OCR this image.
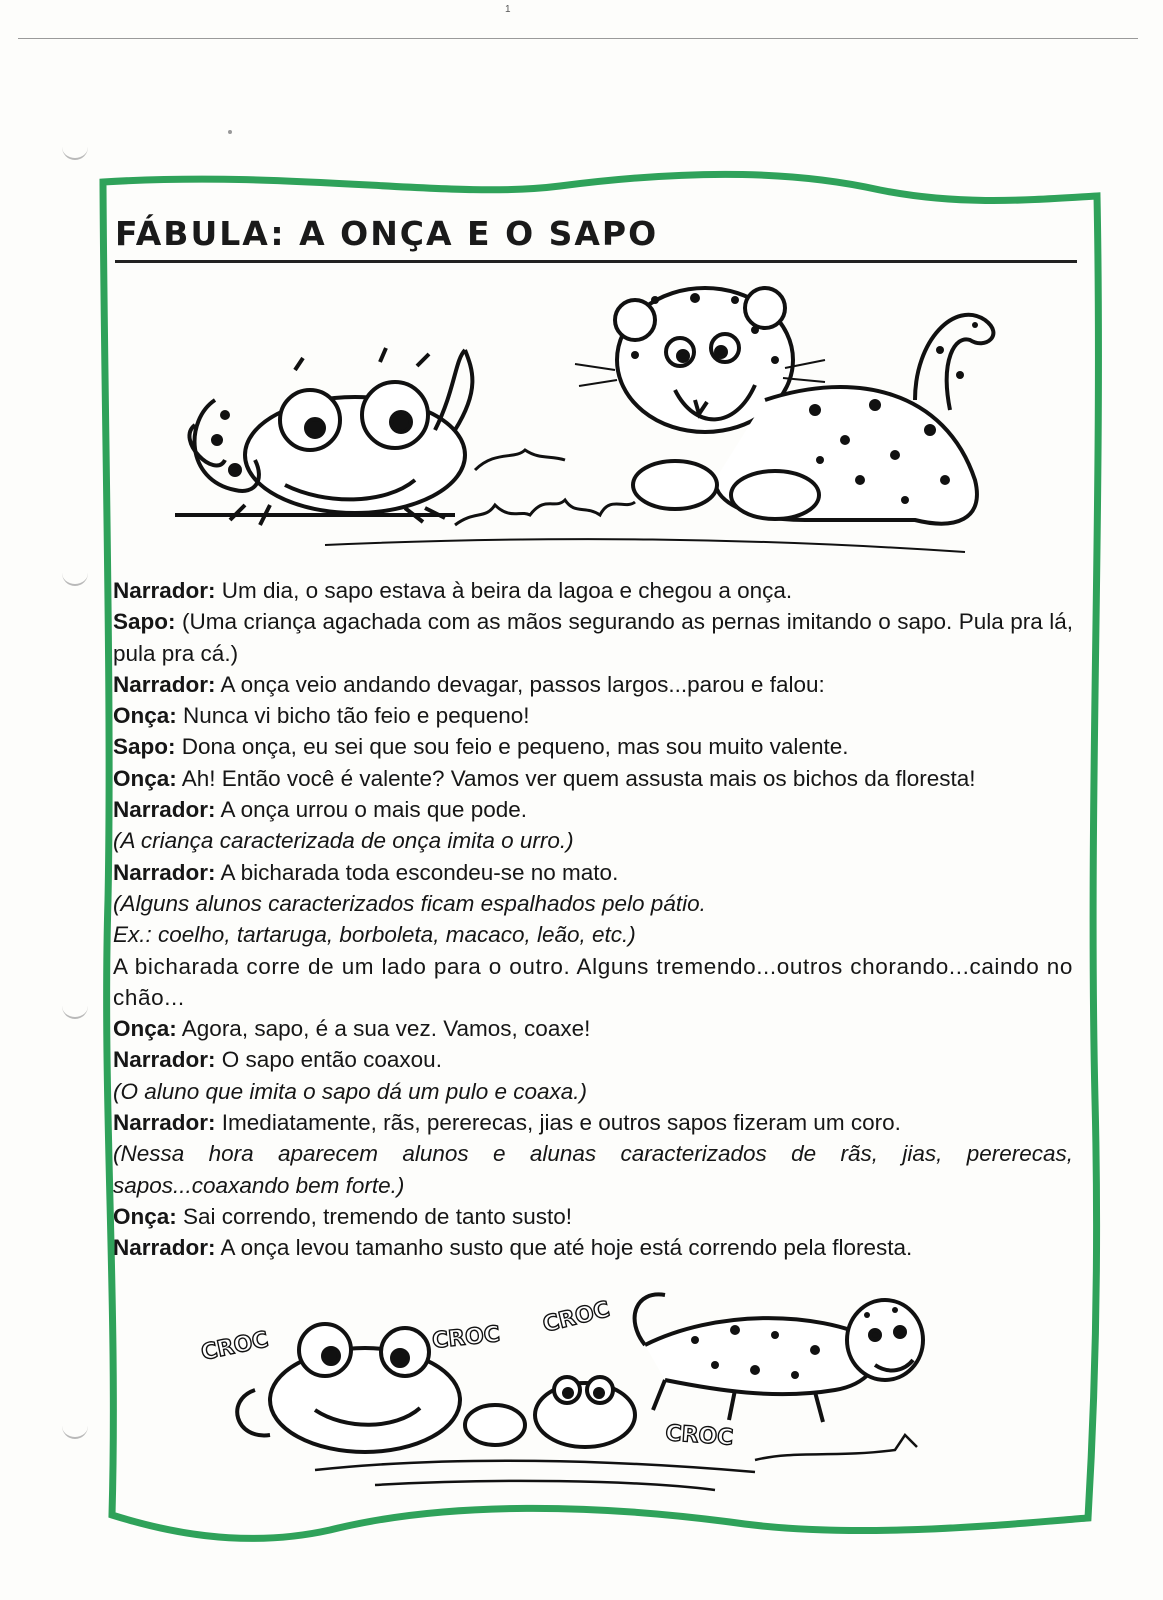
1
FÁBULA: A ONÇA E O SAPO

Narrador: Um dia, o sapo estava à beira da lagoa e chegou a onça.

Sapo: (Uma criança agachada com as mãos segurando as pernas imitando o sapo. Pula pra lá, pula pra cá.)

Narrador: A onça veio andando devagar, passos largos...parou e falou:

Onça: Nunca vi bicho tão feio e pequeno!

Sapo: Dona onça, eu sei que sou feio e pequeno, mas sou muito valente.

Onça: Ah! Então você é valente? Vamos ver quem assusta mais os bichos da floresta!

Narrador: A onça urrou o mais que pode.

(A criança caracterizada de onça imita o urro.)

Narrador: A bicharada toda escondeu-se no mato.

(Alguns alunos caracterizados ficam espalhados pelo pátio.

Ex.: coelho, tartaruga, borboleta, macaco, leão, etc.)

A bicharada corre de um lado para o outro. Alguns tremendo...outros chorando...caindo no chão...

Onça: Agora, sapo, é a sua vez. Vamos, coaxe!

Narrador: O sapo então coaxou.

(O aluno que imita o sapo dá um pulo e coaxa.)

Narrador: Imediatamente, rãs, pererecas, jias e outros sapos fizeram um coro.

(Nessa hora aparecem alunos e alunas caracterizados de rãs, jias, pererecas, sapos...coaxando bem forte.)

Onça: Sai correndo, tremendo de tanto susto!

Narrador: A onça levou tamanho susto que até hoje está correndo pela floresta.

CROC	CROC
CROC
CROC
